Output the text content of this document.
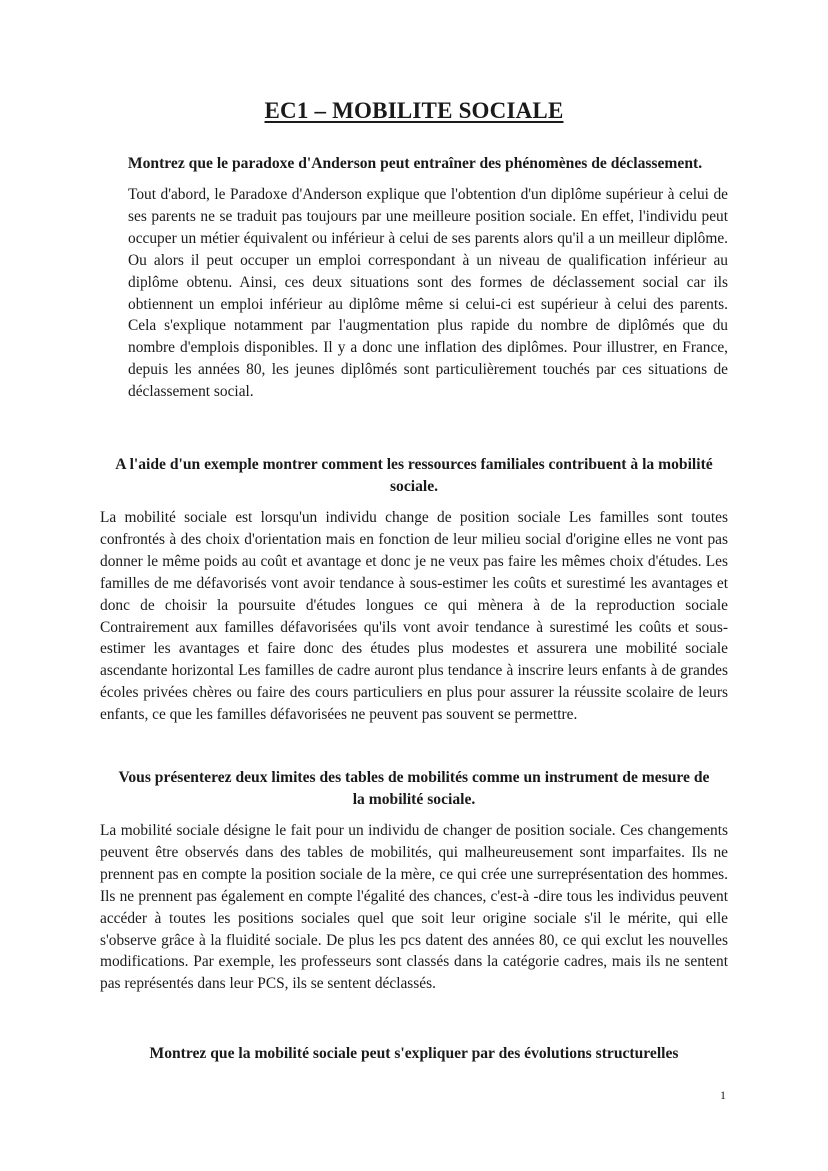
EC1 – MOBILITE SOCIALE
Montrez que le paradoxe d'Anderson peut entraîner des phénomènes de déclassement.

Tout d'abord, le Paradoxe d'Anderson explique que l'obtention d'un diplôme supérieur à celui de ses parents ne se traduit pas toujours par une meilleure position sociale. En effet, l'individu peut occuper un métier équivalent ou inférieur à celui de ses parents alors qu'il a un meilleur diplôme. Ou alors il peut occuper un emploi correspondant à un niveau de qualification inférieur au diplôme obtenu. Ainsi, ces deux situations sont des formes de déclassement social car ils obtiennent un emploi inférieur au diplôme même si celui-ci est supérieur à celui des parents. Cela s'explique notamment par l'augmentation plus rapide du nombre de diplômés que du nombre d'emplois disponibles. Il y a donc une inflation des diplômes. Pour illustrer, en France, depuis les années 80, les jeunes diplômés sont particulièrement touchés par ces situations de déclassement social.

A l'aide d'un exemple montrer comment les ressources familiales contribuent à la mobilité sociale.

La mobilité sociale est lorsqu'un individu change de position sociale Les familles sont toutes confrontés à des choix d'orientation mais en fonction de leur milieu social d'origine elles ne vont pas donner le même poids au coût et avantage et donc je ne veux pas faire les mêmes choix d'études. Les familles de me défavorisés vont avoir tendance à sous-estimer les coûts et surestimé les avantages et donc de choisir la poursuite d'études longues ce qui mènera à de la reproduction sociale Contrairement aux familles défavorisées qu'ils vont avoir tendance à surestimé les coûts et sous-estimer les avantages et faire donc des études plus modestes et assurera une mobilité sociale ascendante horizontal Les familles de cadre auront plus tendance à inscrire leurs enfants à de grandes écoles privées chères ou faire des cours particuliers en plus pour assurer la réussite scolaire de leurs enfants, ce que les familles défavorisées ne peuvent pas souvent se permettre.

Vous présenterez deux limites des tables de mobilités comme un instrument de mesure de la mobilité sociale.

La mobilité sociale désigne le fait pour un individu de changer de position sociale. Ces changements peuvent être observés dans des tables de mobilités, qui malheureusement sont imparfaites. Ils ne prennent pas en compte la position sociale de la mère, ce qui crée une surreprésentation des hommes. Ils ne prennent pas également en compte l'égalité des chances, c'est-à -dire tous les individus peuvent accéder à toutes les positions sociales quel que soit leur origine sociale s'il le mérite, qui elle s'observe grâce à la fluidité sociale. De plus les pcs datent des années 80, ce qui exclut les nouvelles modifications. Par exemple, les professeurs sont classés dans la catégorie cadres, mais ils ne sentent pas représentés dans leur PCS, ils se sentent déclassés.

Montrez que la mobilité sociale peut s'expliquer par des évolutions structurelles

1
